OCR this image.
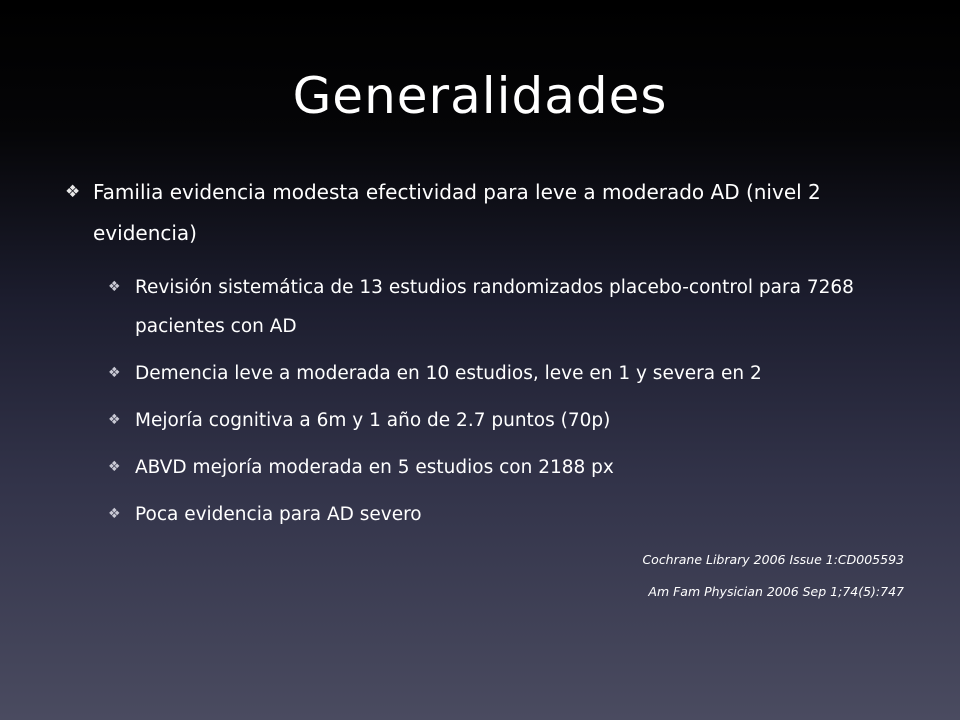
Generalidades
❖ Familia evidencia modesta efectividad para leve a moderado AD (nivel 2 evidencia)
❖ Revisión sistemática de 13 estudios randomizados placebo-control para 7268 pacientes con AD
❖ Demencia leve a moderada en 10 estudios, leve en 1 y severa en 2
❖ Mejoría cognitiva a 6m y 1 año de 2.7 puntos (70p)
❖ ABVD mejoría moderada en 5 estudios con 2188 px
❖ Poca evidencia para AD severo
Cochrane Library 2006 Issue 1:CD005593
Am Fam Physician 2006 Sep 1;74(5):747
